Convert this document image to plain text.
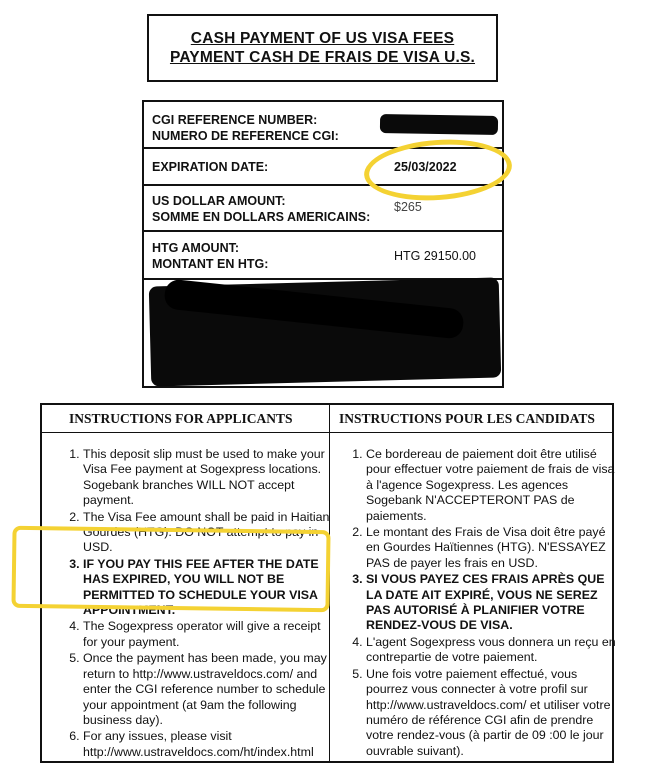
CASH PAYMENT OF US VISA FEES
PAYMENT CASH DE FRAIS DE VISA U.S.
CGI REFERENCE NUMBER:
NUMERO DE REFERENCE CGI:
EXPIRATION DATE:	25/03/2022
US DOLLAR AMOUNT:
SOMME EN DOLLARS AMERICAINS:
$265
HTG AMOUNT:
MONTANT EN HTG:
HTG 29150.00
INSTRUCTIONS FOR APPLICANTS	INSTRUCTIONS POUR LES CANDIDATS
1. This deposit slip must be used to make your Visa Fee payment at Sogexpress locations. Sogebank branches WILL NOT accept payment.
2. The Visa Fee amount shall be paid in Haitian Gourdes (HTG). DO NOT attempt to pay in USD.
3. IF YOU PAY THIS FEE AFTER THE DATE HAS EXPIRED, YOU WILL NOT BE PERMITTED TO SCHEDULE YOUR VISA APPOINTMENT.
4. The Sogexpress operator will give a receipt for your payment.
5. Once the payment has been made, you may return to http://www.ustraveldocs.com/ and enter the CGI reference number to schedule your appointment (at 9am the following business day).
6. For any issues, please visit http://www.ustraveldocs.com/ht/index.html
1. Ce bordereau de paiement doit être utilisé pour effectuer votre paiement de frais de visa à l'agence Sogexpress. Les agences Sogebank N'ACCEPTERONT PAS de paiements.
2. Le montant des Frais de Visa doit être payé en Gourdes Haïtiennes (HTG). N'ESSAYEZ PAS de payer les frais en USD.
3. SI VOUS PAYEZ CES FRAIS APRÈS QUE LA DATE AIT EXPIRÉ, VOUS NE SEREZ PAS AUTORISÉ À PLANIFIER VOTRE RENDEZ-VOUS DE VISA.
4. L'agent Sogexpress vous donnera un reçu en contrepartie de votre paiement.
5. Une fois votre paiement effectué, vous pourrez vous connecter à votre profil sur http://www.ustraveldocs.com/ et utiliser votre numéro de référence CGI afin de prendre votre rendez-vous (à partir de 09 :00 le jour ouvrable suivant).
